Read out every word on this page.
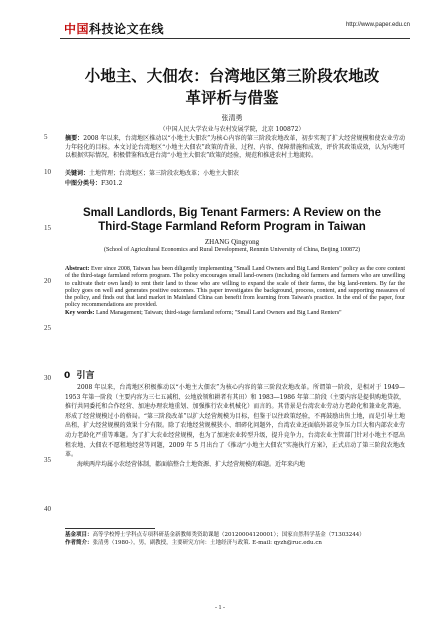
中国科技论文在线	http://www.paper.edu.cn
5
10
15
20
25
30
35
40
小地主、大佃农：台湾地区第三阶段农地改
革评析与借鉴
张清勇
（中国人民大学农业与农村发展学院，北京 100872）
摘要：2008 年以来，台湾地区推动以“小地主大佃农”为核心内容的第三阶段农地改革，初步实现了扩大经营规模和使农业劳动力年轻化的目标。本文讨论台湾地区“小地主大佃农”政策的背景、过程、内容、保障措施和成效，评价其政策成效，认为内地可以根据实际情况，积极借鉴和改进台湾“小地主大佃农”政策的经验，规范和推进农村土地流转。
关键词：土地管理；台湾地区；第三阶段农地改革；小地主大佃农
中图分类号：F301.2
Small Landlords, Big Tenant Farmers: A Review on the
Third-Stage Farmland Reform Program in Taiwan
ZHANG Qingyong
(School of Agricultural Economics and Rural Development, Renmin University of China, Beijing 100872)
Abstract: Ever since 2008, Taiwan has been diligently implementing "Small Land Owners and Big Land Renters" policy as the core content of the third-stage farmland reform program. The policy encourages small land-owners (including old farmers and farmers who are unwilling to cultivate their own land) to rent their land to those who are willing to expand the scale of their farms, the big land-renters. By far the policy goes on well and generates positive outcomes. This paper investigates the background, process, content, and supporting measures of the policy, and finds out that land market in Mainland China can benefit from learning from Taiwan's practice. In the end of the paper, four policy recommendations are provided.
Key words: Land Management; Taiwan; third-stage farmland reform; "Small Land Owners and Big Land Renters"
0 引言

2008 年以来，台湾地区积极推动以“小地主大佃农”为核心内容的第三阶段农地改革。所谓第一阶段，是相对于 1949—1953 年第一阶段（主要内容为三七五减租、公地放领和耕者有其田）和 1983—1986 年第二阶段（主要内容是提供购地贷款，推行共同委托和合作经营、加速办理农地重划、加强推行农业机械化）而言的。其背景是台湾农业劳动力老龄化和兼业化普遍，形成了经营规模过小的格局。“第三阶段改革”以扩大经营规模为目标，但鉴于以往政策经验，不再鼓励出售土地，而是引导土地出租，扩大经营规模的效果十分有限。除了农地经营规模狭小、细碎化问题外，台湾农业还面临外部竞争压力巨大和内部农业劳动力老龄化严重等难题。为了扩大农业经营规模，也为了加速农业转型升级，提升竞争力，台湾农业主管部门针对小地主不愿出租农地、大佃农不愿租地经营等问题，2009 年 5 月出台了《推动“小地主大佃农”实施执行方案》，正式启动了第三阶段农地改革。

海峡两岸均属小农经营体制，都面临整合土地资源、扩大经营规模的难题。近年来内地

基金项目：高等学校博士学科点专项科研基金新教师类资助课题（20120004120001）；国家自然科学基金（71303244）
作者简介：张清勇（1980-），男，副教授，主要研究方向：土地经济与政策. E-mail: qyzh@ruc.edu.cn
- 1 -
